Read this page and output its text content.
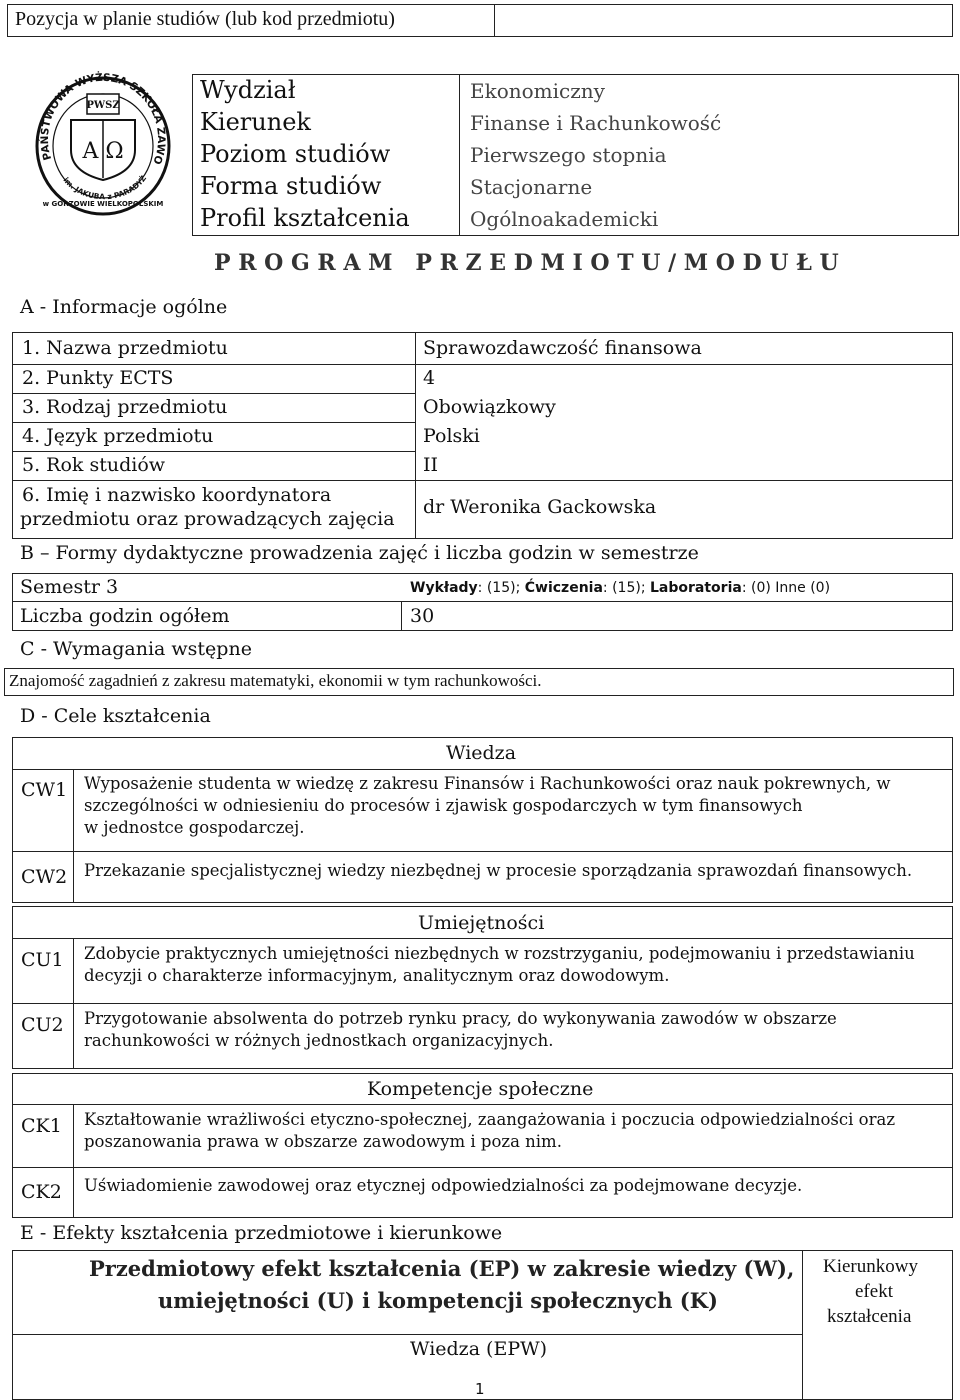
Pozycja w planie studiów (lub kod przedmiotu)
PAŃSTWOWA WYŻSZA SZKOŁA ZAWO
im. JAKUBA z PARADYŻ
w GORZOWIE WIELKOPOLSKIM
PWSZ
A Ω
Wydział
Kierunek
Poziom studiów
Forma studiów
Profil kształcenia
Ekonomiczny
Finanse i Rachunkowość
Pierwszego stopnia
Stacjonarne
Ogólnoakademicki
P R O G R A M   P R Z E D M I O T U / M O D U Ł U
A - Informacje ogólne
1. Nazwa przedmiotu
2. Punkty ECTS
3. Rodzaj przedmiotu
4. Język przedmiotu
5. Rok studiów
Sprawozdawczość finansowa
4
Obowiązkowy
Polski
II
6. Imię i nazwisko koordynatora
przedmiotu oraz prowadzących zajęcia
dr Weronika Gackowska
B – Formy dydaktyczne prowadzenia zajęć i liczba godzin w semestrze
Semestr 3	Wykłady: (15); Ćwiczenia: (15); Laboratoria: (0) Inne (0)
Liczba godzin ogółem	30
C - Wymagania wstępne
Znajomość zagadnień z zakresu matematyki, ekonomii w tym rachunkowości.
D - Cele kształcenia
Wiedza
CW1 Wyposażenie studenta w wiedzę z zakresu Finansów i Rachunkowości oraz nauk pokrewnych, w
szczególności w odniesieniu do procesów i zjawisk gospodarczych w tym finansowych
w jednostce gospodarczej.
CW2 Przekazanie specjalistycznej wiedzy niezbędnej w procesie sporządzania sprawozdań finansowych.
Umiejętności
CU1 Zdobycie praktycznych umiejętności niezbędnych w rozstrzyganiu, podejmowaniu i przedstawianiu
decyzji o charakterze informacyjnym, analitycznym oraz dowodowym.
CU2 Przygotowanie absolwenta do potrzeb rynku pracy, do wykonywania zawodów w obszarze
rachunkowości w różnych jednostkach organizacyjnych.
Kompetencje społeczne
CK1 Kształtowanie wrażliwości etyczno-społecznej, zaangażowania i poczucia odpowiedzialności oraz
poszanowania prawa w obszarze zawodowym i poza nim.
CK2 Uświadomienie zawodowej oraz etycznej odpowiedzialności za podejmowane decyzje.
E - Efekty kształcenia przedmiotowe i kierunkowe
Przedmiotowy efekt kształcenia (EP) w zakresie wiedzy (W),
umiejętności (U) i kompetencji społecznych (K)
Kierunkowy
efekt
kształcenia
Wiedza (EPW)
1
